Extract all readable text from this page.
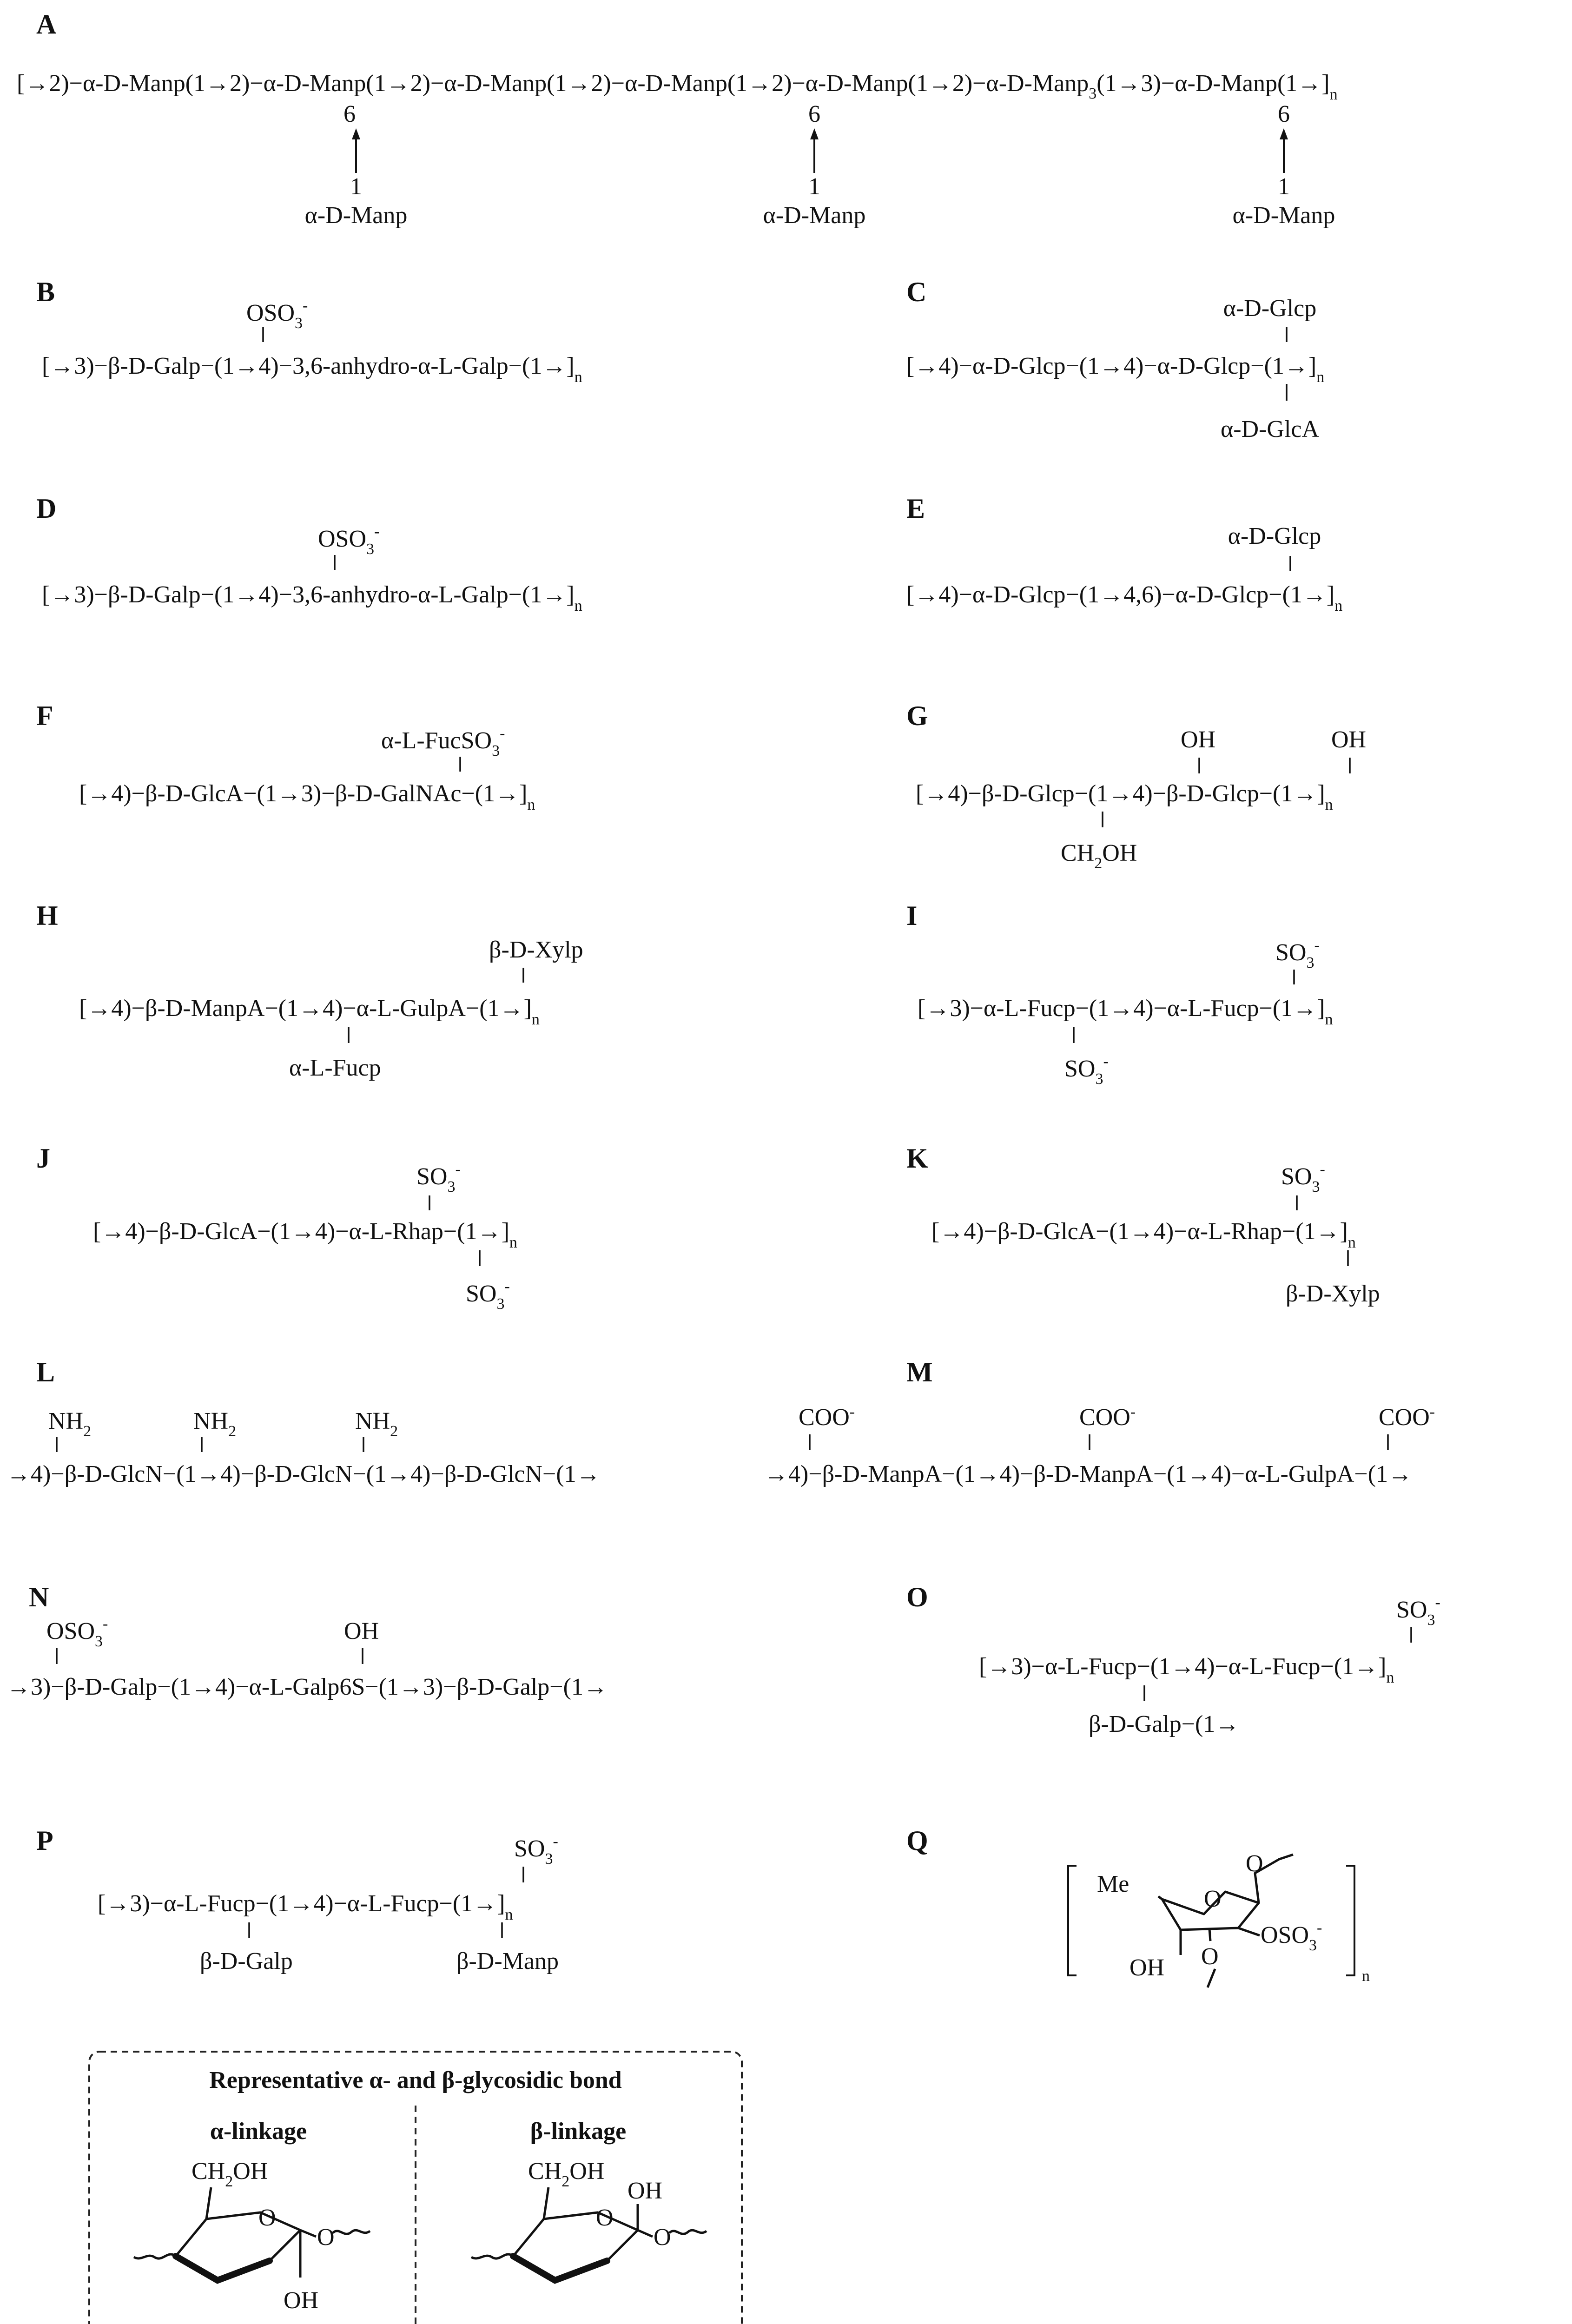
A
$[\to 2)-\alpha-D-Manp(1\to 2)-\alpha-D-Manp(1\to 2)-\alpha-D-Manp(1\to 2)-\alpha-D-Manp(1\to 2)-\alpha-D-Manp(1\to 2)-\alpha-D-Manp_3(1\to 3)-\alpha-D-Manp(1\to]_n$
6
1
α-D-Manp
6
1
α-D-Manp
6
1
α-D-Manp
B
$OSO_3^-$
$[\to 3)-\beta-D-Galp-(1\to 4)-3,6-anhydro-\alpha-L-Galp-(1\to]_n$
C
α-D-Glcp
$[\to 4)-\alpha-D-Glcp-(1\to 4)-\alpha-D-Glcp-(1\to]_n$
α-D-GlcA
D
$OSO_3^-$
$[\to 3)-\beta-D-Galp-(1\to 4)-3,6-anhydro-\alpha-L-Galp-(1\to]_n$
E
α-D-Glcp
$[\to 4)-\alpha-D-Glcp-(1\to 4,6)-\alpha-D-Glcp-(1\to]_n$
F
α-L-FucSO$_3$-
$[\to 4)-\beta-D-GlcA-(1\to 3)-\beta-D-GalNAc-(1\to]_n$
G
OH	OH
$[\to 4)-\beta-D-Glcp-(1\to 4)-\beta-D-Glcp-(1\to]_n$
$CH_2OH$
H
β-D-Xylp
$[\to 4)-\beta-D-ManpA-(1\to 4)-\alpha-L-GulpA-(1\to]_n$
α-L-Fucp
I
$SO_3^-$
$[\to 3)-\alpha-L-Fucp-(1\to 4)-\alpha-L-Fucp-(1\to]_n$
$SO_3^-$
J
$SO_3^-$
$[\to 4)-\beta-D-GlcA-(1\to 4)-\alpha-L-Rhap-(1\to]_n$
$SO_3^-$
K
$SO_3^-$
$[\to 4)-\beta-D-GlcA-(1\to 4)-\alpha-L-Rhap-(1\to]_n$
β-D-Xylp
L
$NH_2$	$NH_2$	$NH_2$
→4)−β-D-GlcN−(1→4)−β-D-GlcN−(1→4)−β-D-GlcN−(1→
M
COO-	COO-	COO-
→4)−β-D-ManpA−(1→4)−β-D-ManpA−(1→4)−α-L-GulpA−(1→
N
$OSO_3^-$	OH
→3)−β-D-Galp−(1→4)−α-L-Galp6S−(1→3)−β-D-Galp−(1→
O	$SO_3^-$
$[\to 3)-\alpha-L-Fucp-(1\to 4)-\alpha-L-Fucp-(1\to]_n$
β-D-Galp−(1→
P	$SO_3^-$
$[\to 3)-\alpha-L-Fucp-(1\to 4)-\alpha-L-Fucp-(1\to]_n$
β-D-Galp	β-D-Manp
Q
n
Me
O
O
$OSO_3^-$
O
OH
Representative α- and β-glycosidic bond
α-linkage
$CH_2OH$
O
O
OH
β-linkage
$CH_2OH$
O
OH
O
